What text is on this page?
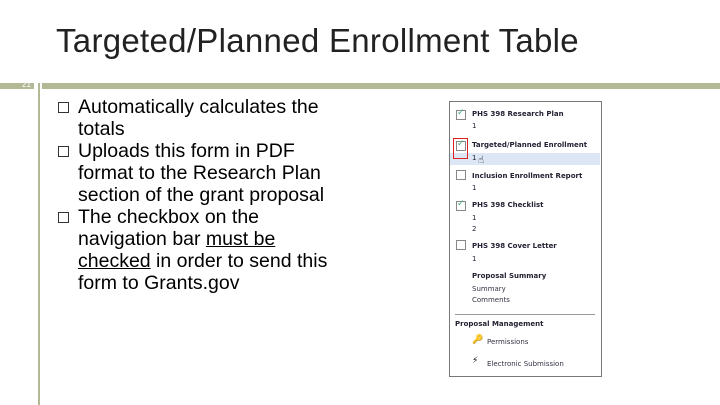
Targeted/Planned Enrollment Table
21
Automatically calculates the totals
Uploads this form in PDF format to the Research Plan section of the grant proposal
The checkbox on the navigation bar must be checked in order to send this form to Grants.gov
✓
PHS 398 Research Plan
1
✓
Targeted/Planned Enrollment
1 ☝
Inclusion Enrollment Report
1
✓
PHS 398 Checklist
1
2
PHS 398 Cover Letter
1
Proposal Summary
Summary
Comments
Proposal Management
🔑 Permissions
⚡ Electronic Submission
